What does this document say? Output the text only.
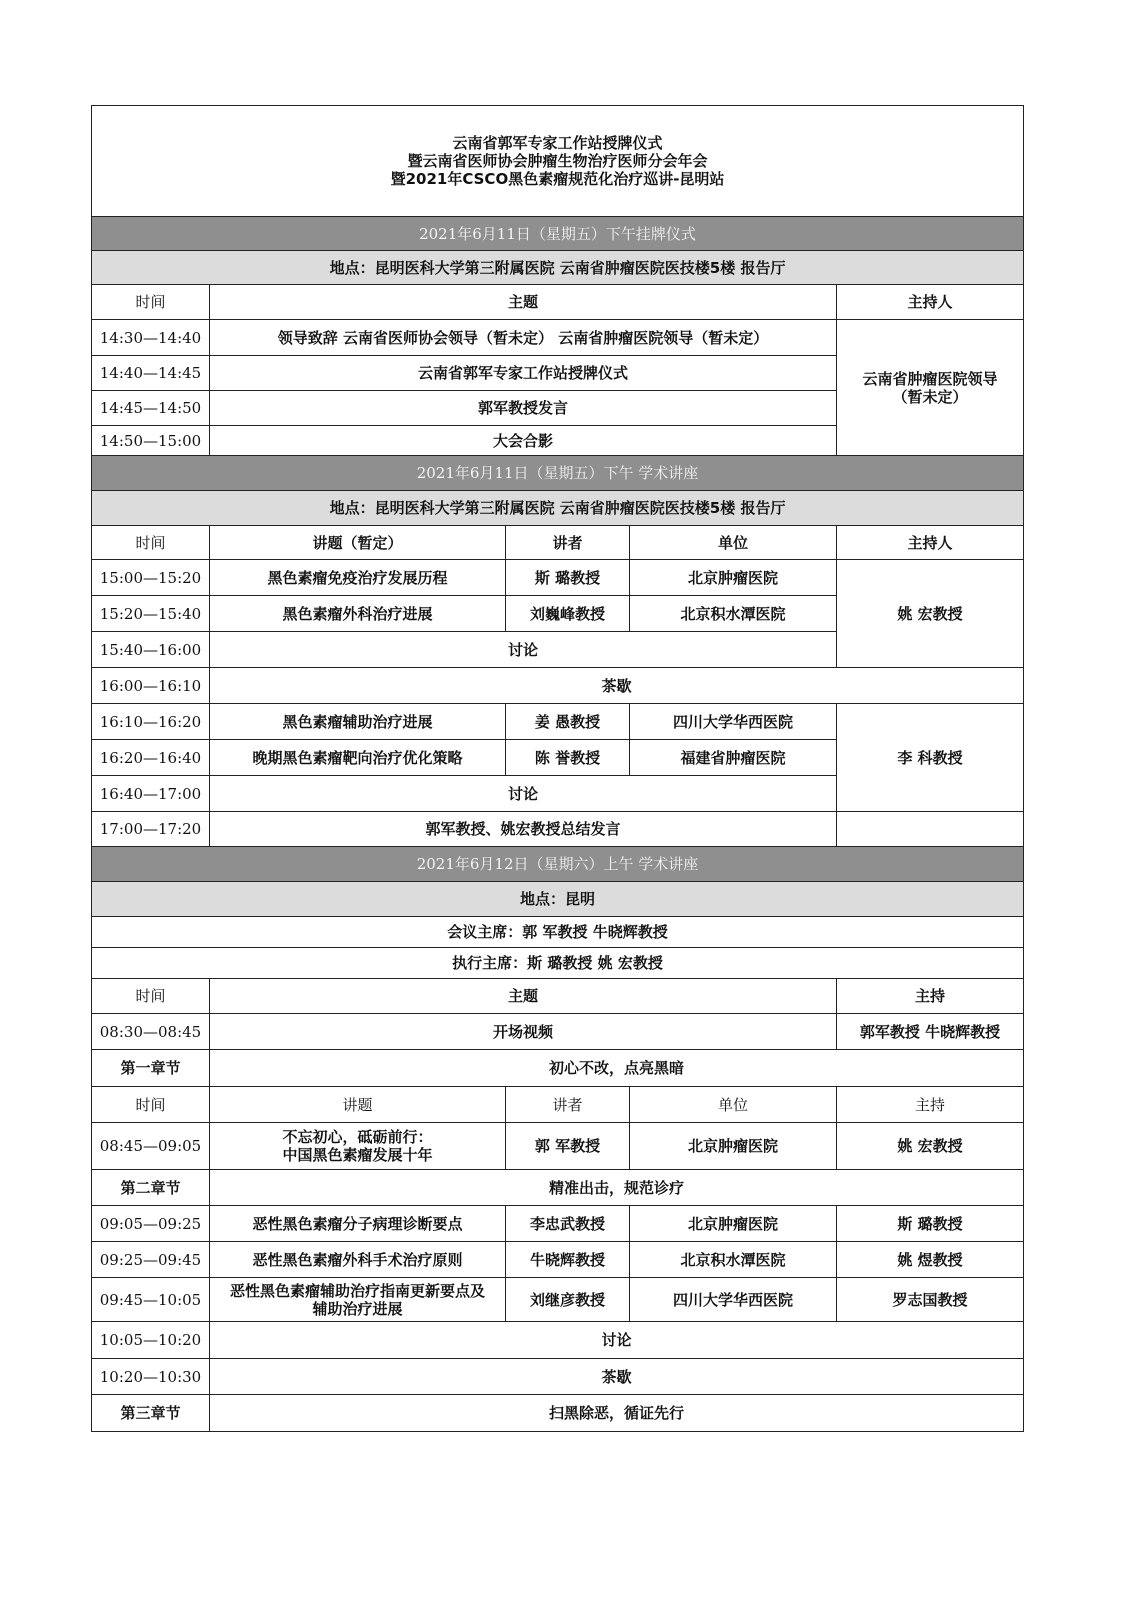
云南省郭军专家工作站授牌仪式
暨云南省医师协会肿瘤生物治疗医师分会年会
暨2021年CSCO黑色素瘤规范化治疗巡讲-昆明站				

2021年6月11日（星期五）下午挂牌仪式				
地点：昆明医科大学第三附属医院 云南省肿瘤医院医技楼5楼 报告厅				
时间	主题			主持人
14:30—14:40	领导致辞 云南省医师协会领导（暂未定） 云南省肿瘤医院领导（暂未定）			云南省肿瘤医院领导
（暂未定）

14:40—14:45	云南省郭军专家工作站授牌仪式			
14:45—14:50	郭军教授发言			
14:50—15:00	大会合影			
2021年6月11日（星期五）下午 学术讲座				
地点：昆明医科大学第三附属医院 云南省肿瘤医院医技楼5楼 报告厅				
时间	讲题（暂定）	讲者	单位	主持人
15:00—15:20	黑色素瘤免疫治疗发展历程	斯 璐教授	北京肿瘤医院	姚 宏教授
15:20—15:40	黑色素瘤外科治疗进展	刘巍峰教授	北京积水潭医院	
15:40—16:00	讨论			
16:00—16:10	茶歇			
16:10—16:20	黑色素瘤辅助治疗进展	姜 愚教授	四川大学华西医院	李 科教授
16:20—16:40	晚期黑色素瘤靶向治疗优化策略	陈 誉教授	福建省肿瘤医院	
16:40—17:00	讨论			
17:00—17:20	郭军教授、姚宏教授总结发言			
2021年6月12日（星期六）上午 学术讲座				
地点：昆明				
会议主席：郭 军教授 牛晓辉教授				
执行主席：斯 璐教授 姚 宏教授				
时间	主题			主持
08:30—08:45	开场视频			郭军教授 牛晓辉教授
第一章节	初心不改，点亮黑暗			
时间	讲题	讲者	单位	主持
08:45—09:05	不忘初心，砥砺前行：
中国黑色素瘤发展十年	郭 军教授	北京肿瘤医院	姚 宏教授
第二章节	精准出击，规范诊疗			
09:05—09:25	恶性黑色素瘤分子病理诊断要点	李忠武教授	北京肿瘤医院	斯 璐教授
09:25—09:45	恶性黑色素瘤外科手术治疗原则	牛晓辉教授	北京积水潭医院	姚 煜教授
09:45—10:05	恶性黑色素瘤辅助治疗指南更新要点及
辅助治疗进展	刘继彦教授	四川大学华西医院	罗志国教授
10:05—10:20	讨论			
10:20—10:30	茶歇			
第三章节	扫黑除恶，循证先行			
